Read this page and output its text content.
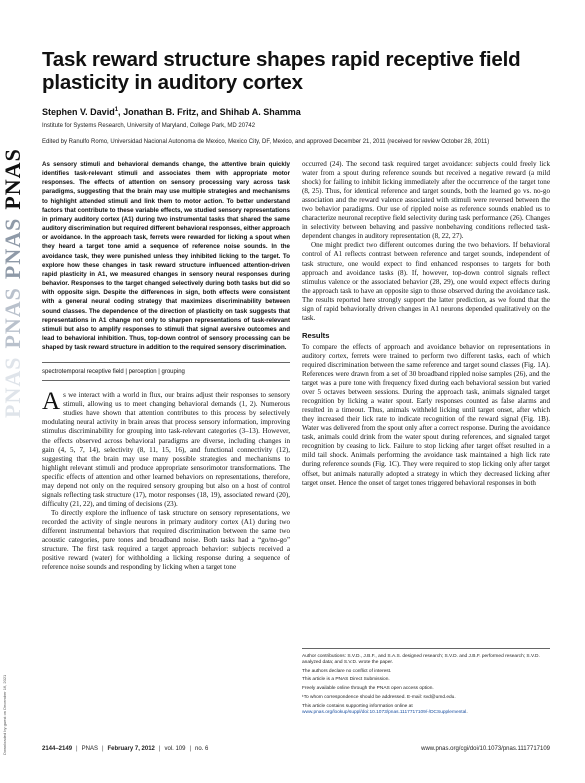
PNASPNASPNASPNAS
Downloaded by guest on December 16, 2021
Task reward structure shapes rapid receptive field plasticity in auditory cortex
Stephen V. David$^1$, Jonathan B. Fritz, and Shihab A. Shamma
Institute for Systems Research, University of Maryland, College Park, MD 20742
Edited by Ranulfo Romo, Universidad Nacional Autonoma de Mexico, Mexico City, DF, Mexico, and approved December 21, 2011 (received for review October 28, 2011)

As sensory stimuli and behavioral demands change, the attentive brain quickly identifies task-relevant stimuli and associates them with appropriate motor responses. The effects of attention on sensory processing vary across task paradigms, suggesting that the brain may use multiple strategies and mechanisms to highlight attended stimuli and link them to motor action. To better understand factors that contribute to these variable effects, we studied sensory representations in primary auditory cortex (A1) during two instrumental tasks that shared the same auditory discrimination but required different behavioral responses, either approach or avoidance. In the approach task, ferrets were rewarded for licking a spout when they heard a target tone amid a sequence of reference noise sounds. In the avoidance task, they were punished unless they inhibited licking to the target. To explore how these changes in task reward structure influenced attention-driven rapid plasticity in A1, we measured changes in sensory neural responses during behavior. Responses to the target changed selectively during both tasks but did so with opposite sign. Despite the differences in sign, both effects were consistent with a general neural coding strategy that maximizes discriminability between sound classes. The dependence of the direction of plasticity on task suggests that representations in A1 change not only to sharpen representations of task-relevant stimuli but also to amplify responses to stimuli that signal aversive outcomes and lead to behavioral inhibition. Thus, top-down control of sensory processing can be shaped by task reward structure in addition to the required sensory discrimination.

spectrotemporal receptive field | perception | grouping

As we interact with a world in flux, our brains adjust their responses to sensory stimuli, allowing us to meet changing behavioral demands (1, 2). Numerous studies have shown that attention contributes to this process by selectively modulating neural activity in brain areas that process sensory information, improving stimulus discriminability for grouping into task-relevant categories (3–13). However, the effects observed across behavioral paradigms are diverse, including changes in gain (4, 5, 7, 14), selectivity (8, 11, 15, 16), and functional connectivity (12), suggesting that the brain may use many possible strategies and mechanisms to highlight relevant stimuli and produce appropriate sensorimotor transformations. The specific effects of attention and other learned behaviors on representations, therefore, may depend not only on the required sensory grouping but also on a host of control signals reflecting task structure (17), motor responses (18, 19), associated reward (20), difficulty (21, 22), and timing of decisions (23).

To directly explore the influence of task structure on sensory representations, we recorded the activity of single neurons in primary auditory cortex (A1) during two different instrumental behaviors that required discrimination between the same two acoustic categories, pure tones and broadband noise. Both tasks had a “go/no-go” structure. The first task required a target approach behavior: subjects received a positive reward (water) for withholding a licking response during a sequence of reference noise sounds and responding by licking when a target tone

occurred (24). The second task required target avoidance: subjects could freely lick water from a spout during reference sounds but received a negative reward (a mild shock) for failing to inhibit licking immediately after the occurrence of the target tone (8, 25). Thus, for identical reference and target sounds, both the learned go vs. no-go association and the reward valence associated with stimuli were reversed between the two behavior paradigms. Our use of rippled noise as reference sounds enabled us to characterize neuronal receptive field selectivity during task performance (26). Changes in selectivity between behaving and passive nonbehaving conditions reflected task-dependent changes in auditory representation (8, 22, 27).

One might predict two different outcomes during the two behaviors. If behavioral control of A1 reflects contrast between reference and target sounds, independent of task structure, one would expect to find enhanced responses to targets for both approach and avoidance tasks (8). If, however, top-down control signals reflect stimulus valence or the associated behavior (28, 29), one would expect effects during the approach task to have an opposite sign to those observed during the avoidance task. The results reported here strongly support the latter prediction, as we found that the sign of rapid behaviorally driven changes in A1 neurons depended qualitatively on the task.

Results

To compare the effects of approach and avoidance behavior on representations in auditory cortex, ferrets were trained to perform two different tasks, each of which required discrimination between the same reference and target sound classes (Fig. 1A). References were drawn from a set of 30 broadband rippled noise samples (26), and the target was a pure tone with frequency fixed during each behavioral session but varied over 5 octaves between sessions. During the approach task, animals signaled target recognition by licking a water spout. Early responses counted as false alarms and resulted in a timeout. Thus, animals withheld licking until target onset, after which they increased their lick rate to indicate recognition of the reward signal (Fig. 1B). Water was delivered from the spout only after a correct response. During the avoidance task, animals could drink from the water spout during references, and signaled target recognition by ceasing to lick. Failure to stop licking after target offset resulted in a mild tail shock. Animals performing the avoidance task maintained a high lick rate during reference sounds (Fig. 1C). They were required to stop licking only after target offset, but animals naturally adopted a strategy in which they decreased licking after target onset. Hence the onset of target tones triggered behavioral responses in both

Author contributions: S.V.D., J.B.F., and S.A.S. designed research; S.V.D. and J.B.F. performed research; S.V.D. analyzed data; and S.V.D. wrote the paper.

The authors declare no conflict of interest.

This article is a PNAS Direct Submission.

Freely available online through the PNAS open access option.

¹To whom correspondence should be addressed. E-mail: svd@umd.edu.

This article contains supporting information online at www.pnas.org/lookup/suppl/doi:10.1073/pnas.1117717109/-/DCSupplemental.

2144–2149 | PNAS | February 7, 2012 | vol. 109 | no. 6	www.pnas.org/cgi/doi/10.1073/pnas.1117717109
